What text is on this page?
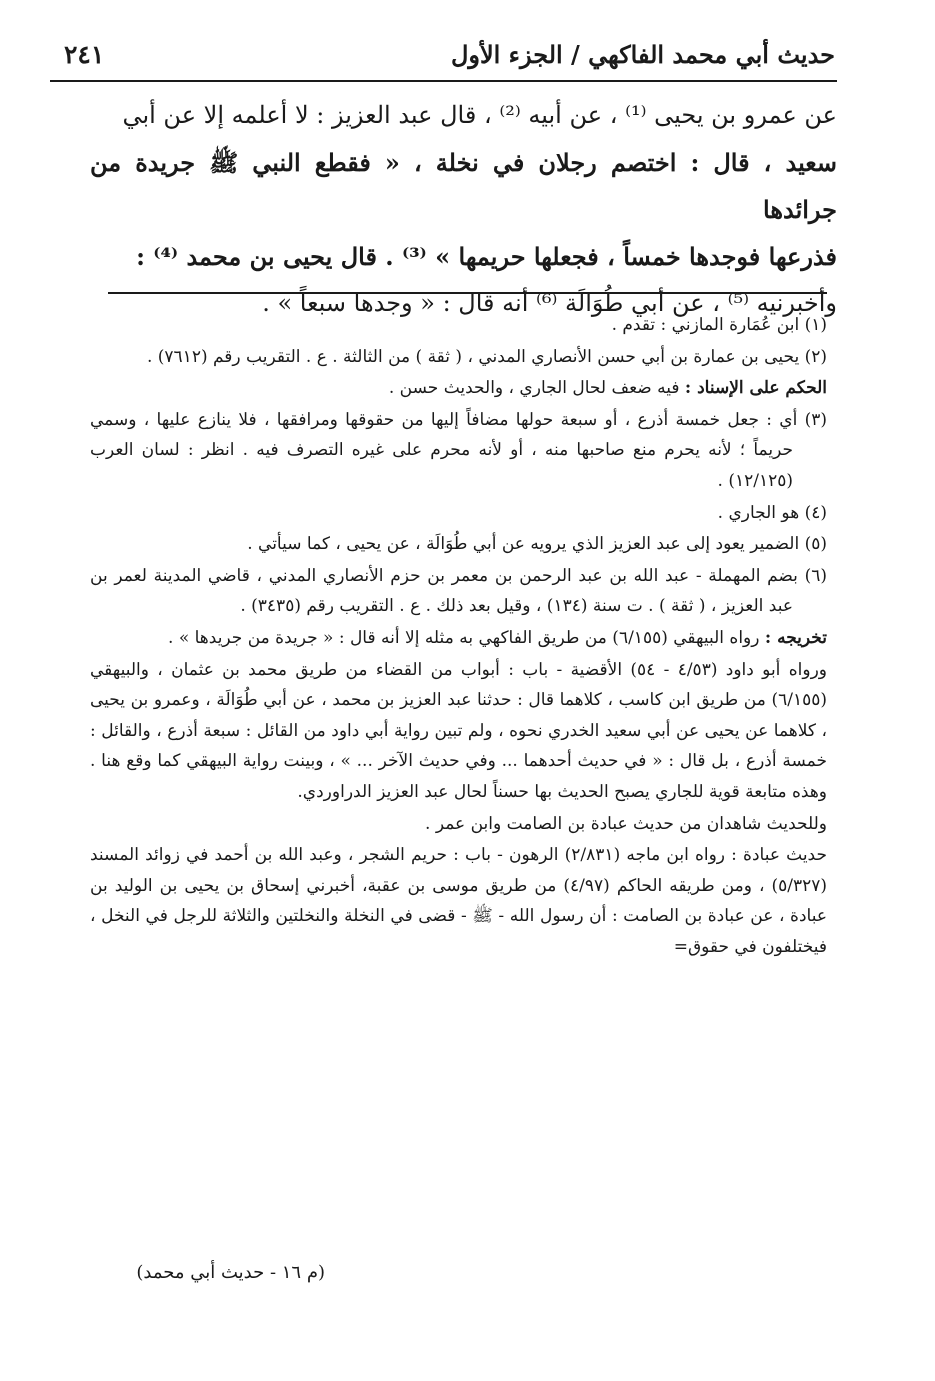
٢٤١	حديث أبي محمد الفاكهي / الجزء الأول

عن عمرو بن يحيى ⁽¹⁾ ، عن أبيه ⁽²⁾ ، قال عبد العزيز : لا أعلمه إلا عن أبي

سعيد ، قال : اختصم رجلان في نخلة ، « فقطع النبي ﷺ جريدة من جرائدها

فذرعها فوجدها خمساً ، فجعلها حريمها » ⁽³⁾ . قال يحيى بن محمد ⁽⁴⁾ :

وأخبرنيه ⁽⁵⁾ ، عن أبي طُوَالَة ⁽⁶⁾ أنه قال : « وجدها سبعاً » .

(١) ابن عُمَارة المازني : تقدم .

(٢) يحيى بن عمارة بن أبي حسن الأنصاري المدني ، ( ثقة ) من الثالثة . ع . التقريب رقم (٧٦١٢) .

الحكم على الإسناد : فيه ضعف لحال الجاري ، والحديث حسن .

(٣) أي : جعل خمسة أذرع ، أو سبعة حولها مضافاً إليها من حقوقها ومرافقها ، فلا ينازع عليها ، وسمي حريماً ؛ لأنه يحرم منع صاحبها منه ، أو لأنه محرم على غيره التصرف فيه . انظر : لسان العرب (١٢/١٢٥) .

(٤) هو الجاري .

(٥) الضمير يعود إلى عبد العزيز الذي يرويه عن أبي طُوَالَة ، عن يحيى ، كما سيأتي .

(٦) بضم المهملة - عبد الله بن عبد الرحمن بن معمر بن حزم الأنصاري المدني ، قاضي المدينة لعمر بن عبد العزيز ، ( ثقة ) . ت سنة (١٣٤) ، وقيل بعد ذلك . ع . التقريب رقم (٣٤٣٥) .

تخريجه : رواه البيهقي (٦/١٥٥) من طريق الفاكهي به مثله إلا أنه قال : « جريدة من جريدها » .

ورواه أبو داود (٤/٥٣ - ٥٤) الأقضية - باب : أبواب من القضاء من طريق محمد بن عثمان ، والبيهقي (٦/١٥٥) من طريق ابن كاسب ، كلاهما قال : حدثنا عبد العزيز بن محمد ، عن أبي طُوَالَة ، وعمرو بن يحيى ، كلاهما عن يحيى عن أبي سعيد الخدري نحوه ، ولم تبين رواية أبي داود من القائل : سبعة أذرع ، والقائل : خمسة أذرع ، بل قال : « في حديث أحدهما ... وفي حديث الآخر ... » ، وبينت رواية البيهقي كما وقع هنا . وهذه متابعة قوية للجاري يصبح الحديث بها حسناً لحال عبد العزيز الدراوردي.

وللحديث شاهدان من حديث عبادة بن الصامت وابن عمر .

حديث عبادة : رواه ابن ماجه (٢/٨٣١) الرهون - باب : حريم الشجر ، وعبد الله بن أحمد في زوائد المسند (٥/٣٢٧) ، ومن طريقه الحاكم (٤/٩٧) من طريق موسى بن عقبة، أخبرني إسحاق بن يحيى بن الوليد بن عبادة ، عن عبادة بن الصامت : أن رسول الله - ﷺ - قضى في النخلة والنخلتين والثلاثة للرجل في النخل ، فيختلفون في حقوق=

(م ١٦ - حديث أبي محمد)
